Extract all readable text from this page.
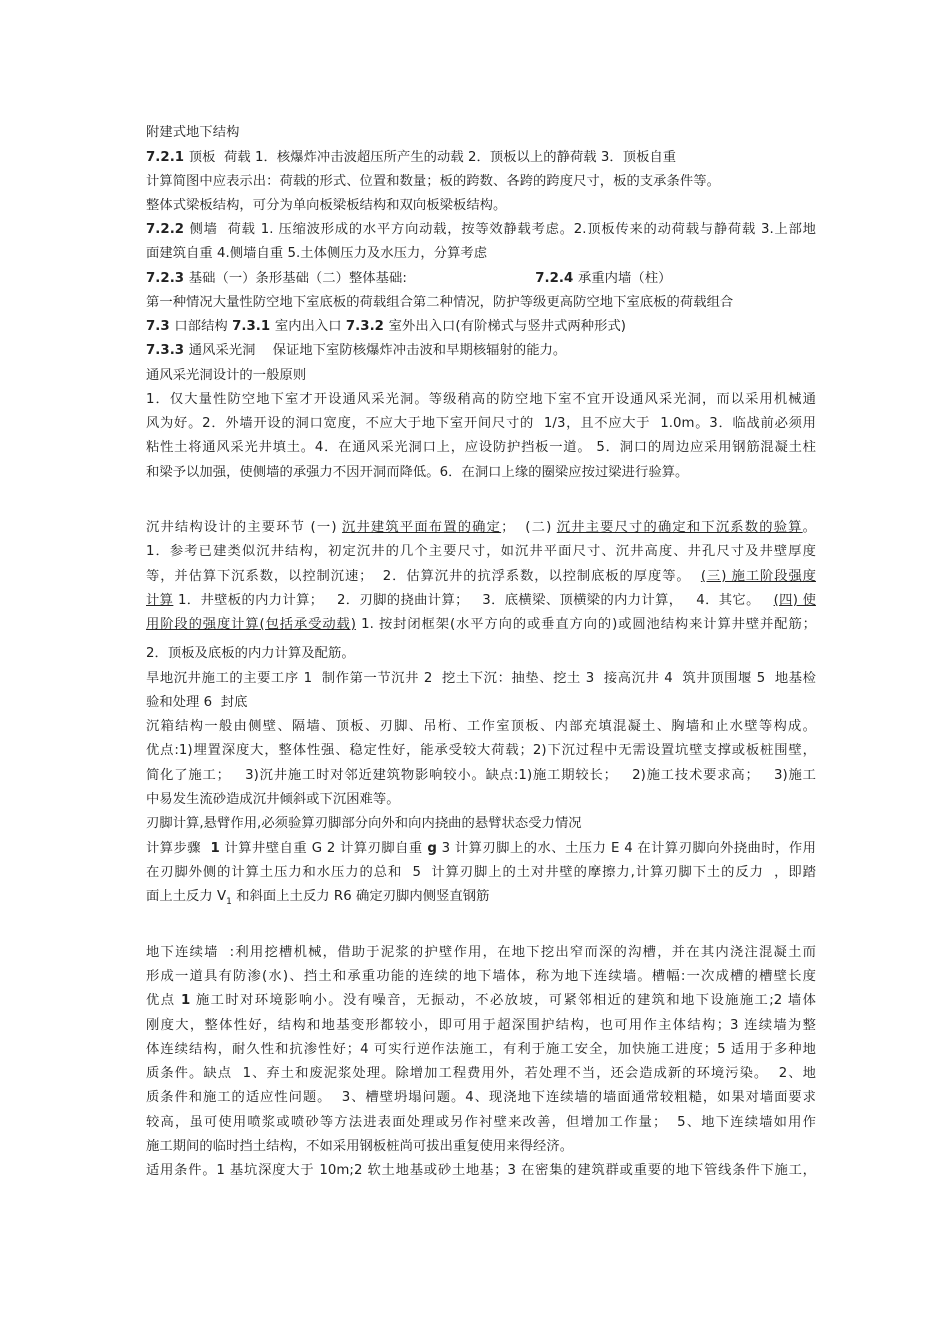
附建式地下结构
7.2.1 顶板  荷载 1．核爆炸冲击波超压所产生的动载 2．顶板以上的静荷载 3．顶板自重
计算简图中应表示出：荷载的形式、位置和数量；板的跨数、各跨的跨度尺寸，板的支承条件等。
整体式梁板结构，可分为单向板梁板结构和双向板梁板结构。
7.2.2 侧墙  荷载 1. 压缩波形成的水平方向动载，按等效静载考虑。2.顶板传来的动荷载与静荷载 3.上部地
面建筑自重 4.侧墙自重 5.土体侧压力及水压力，分算考虑
7.2.3 基础（一）条形基础（二）整体基础:                              7.2.4 承重内墙（柱）
第一种情况大量性防空地下室底板的荷载组合第二种情况，防护等级更高防空地下室底板的荷载组合
7.3 口部结构 7.3.1 室内出入口 7.3.2 室外出入口(有阶梯式与竖井式两种形式)
7.3.3 通风采光洞    保证地下室防核爆炸冲击波和早期核辐射的能力。
通风采光洞设计的一般原则
1．仅大量性防空地下室才开设通风采光洞。等级稍高的防空地下室不宜开设通风采光洞，而以采用机械通
风为好。2．外墙开设的洞口宽度，不应大于地下室开间尺寸的  1/3，且不应大于  1.0m。3．临战前必须用
粘性土将通风采光井填土。4．在通风采光洞口上，应设防护挡板一道。 5．洞口的周边应采用钢筋混凝土柱
和梁予以加强，使侧墙的承强力不因开洞而降低。6．在洞口上缘的圈梁应按过梁进行验算。
沉井结构设计的主要环节 (一) 沉井建筑平面布置的确定；  (二) 沉井主要尺寸的确定和下沉系数的验算。
1．参考已建类似沉井结构，初定沉井的几个主要尺寸，如沉井平面尺寸、沉井高度、井孔尺寸及井壁厚度
等，并估算下沉系数，以控制沉速；  2．估算沉井的抗浮系数，以控制底板的厚度等。  (三) 施工阶段强度
计算 1．井壁板的内力计算；   2．刃脚的挠曲计算；   3．底横梁、顶横梁的内力计算，   4．其它。   (四) 使
用阶段的强度计算(包括承受动载) 1. 按封闭框架(水平方向的或垂直方向的)或圆池结构来计算井壁并配筋；
2．顶板及底板的内力计算及配筋。
旱地沉井施工的主要工序 1  制作第一节沉井 2  挖土下沉：抽垫、挖土 3  接高沉井 4  筑井顶围堰 5  地基检
验和处理 6  封底
沉箱结构一般由侧壁、隔墙、顶板、刃脚、吊桁、工作室顶板、内部充填混凝土、胸墙和止水壁等构成。
优点:1)埋置深度大，整体性强、稳定性好，能承受较大荷载；2)下沉过程中无需设置坑壁支撑或板桩围壁，
简化了施工；   3)沉井施工时对邻近建筑物影响较小。缺点:1)施工期较长；   2)施工技术要求高；   3)施工
中易发生流砂造成沉井倾斜或下沉困难等。
刃脚计算,悬臂作用,必须验算刃脚部分向外和向内挠曲的悬臂状态受力情况
计算步骤  1 计算井壁自重 G 2 计算刃脚自重 g 3 计算刃脚上的水、土压力 E 4 在计算刃脚向外挠曲时，作用
在刃脚外侧的计算土压力和水压力的总和  5  计算刃脚上的土对井壁的摩擦力,计算刃脚下土的反力  ，即踏
面上土反力 $V_1$ 和斜面上土反力 R6 确定刃脚内侧竖直钢筋
地下连续墙  :利用挖槽机械，借助于泥浆的护壁作用，在地下挖出窄而深的沟槽，并在其内浇注混凝土而
形成一道具有防渗(水)、挡土和承重功能的连续的地下墙体，称为地下连续墙。槽幅:一次成槽的槽壁长度
优点 1 施工时对环境影响小。没有噪音，无振动，不必放坡，可紧邻相近的建筑和地下设施施工;2 墙体
刚度大，整体性好，结构和地基变形都较小，即可用于超深围护结构，也可用作主体结构；3 连续墙为整
体连续结构，耐久性和抗渗性好；4 可实行逆作法施工，有利于施工安全，加快施工进度；5 适用于多种地
质条件。缺点  1、弃土和废泥浆处理。除增加工程费用外，若处理不当，还会造成新的环境污染。  2、地
质条件和施工的适应性问题。  3、槽壁坍塌问题。4、现浇地下连续墙的墙面通常较粗糙，如果对墙面要求
较高，虽可使用喷浆或喷砂等方法进表面处理或另作衬壁来改善，但增加工作量；  5、地下连续墙如用作
施工期间的临时挡土结构，不如采用钢板桩尚可拔出重复使用来得经济。
适用条件。1 基坑深度大于 10m;2 软土地基或砂土地基；3 在密集的建筑群或重要的地下管线条件下施工，
